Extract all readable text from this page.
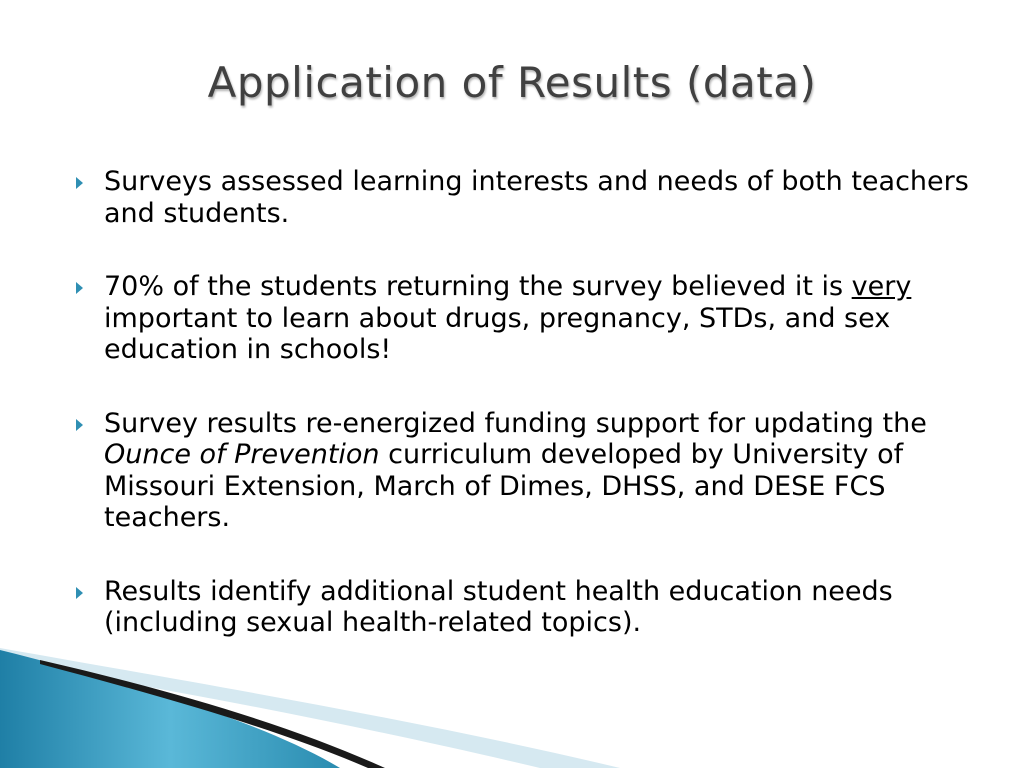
Application of Results (data)
Surveys assessed learning interests and needs of both teachers and students.
70% of the students returning the survey believed it is very important to learn about drugs, pregnancy, STDs, and sex education in schools!
Survey results re-energized funding support for updating the Ounce of Prevention curriculum developed by University of Missouri Extension, March of Dimes, DHSS, and DESE FCS teachers.
Results identify additional student health education needs (including sexual health-related topics).
